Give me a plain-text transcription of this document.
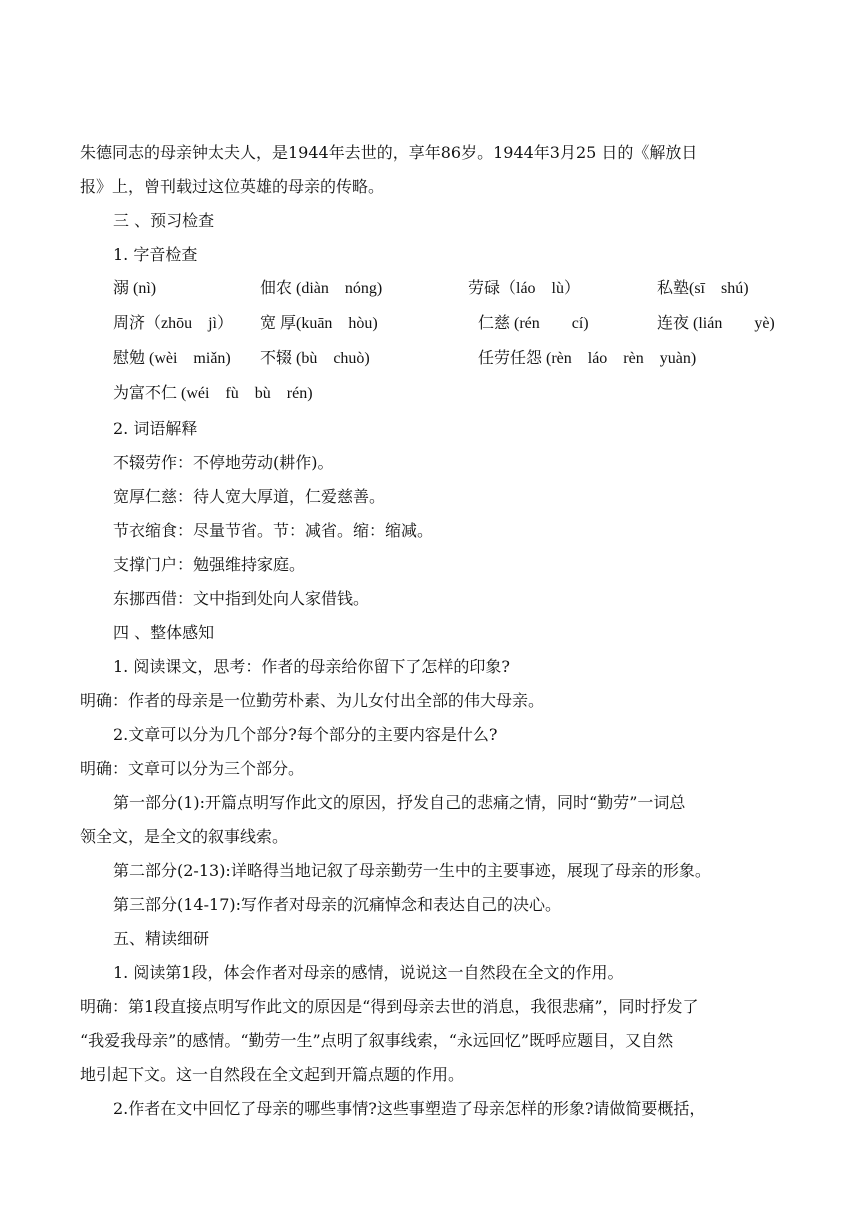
朱德同志的母亲钟太夫人，是1944年去世的，享年86岁。1944年3月25 日的《解放日
报》上，曾刊载过这位英雄的母亲的传略。
三 、预习检查
1. 字音检查
溺 (nì)	佃农 (diàn　nóng)	劳碌（láo　lù）	私塾(sī　shú)
周济（zhōu　jì） 宽 厚(kuān　hòu)	仁慈 (rén　　cí)	连夜 (lián　　yè)
慰勉 (wèi　miǎn) 不辍 (bù　chuò)	任劳任怨 (rèn　láo　rèn　yuàn)
为富不仁 (wéi　fù　bù　rén)
2. 词语解释
不辍劳作：不停地劳动(耕作)。
宽厚仁慈：待人宽大厚道，仁爱慈善。
节衣缩食：尽量节省。节：减省。缩：缩减。
支撑门户：勉强维持家庭。
东挪西借：文中指到处向人家借钱。
四 、整体感知
1. 阅读课文，思考：作者的母亲给你留下了怎样的印象?
明确：作者的母亲是一位勤劳朴素、为儿女付出全部的伟大母亲。
2.文章可以分为几个部分?每个部分的主要内容是什么?
明确：文章可以分为三个部分。
第一部分(1):开篇点明写作此文的原因，抒发自己的悲痛之情，同时“勤劳”一词总
领全文，是全文的叙事线索。
第二部分(2-13):详略得当地记叙了母亲勤劳一生中的主要事迹，展现了母亲的形象。
第三部分(14-17):写作者对母亲的沉痛悼念和表达自己的决心。
五、精读细研
1. 阅读第1段，体会作者对母亲的感情，说说这一自然段在全文的作用。
明确：第1段直接点明写作此文的原因是“得到母亲去世的消息，我很悲痛”，同时抒发了
“我爱我母亲”的感情。“勤劳一生”点明了叙事线索，“永远回忆”既呼应题目，又自然
地引起下文。这一自然段在全文起到开篇点题的作用。
2.作者在文中回忆了母亲的哪些事情?这些事塑造了母亲怎样的形象?请做简要概括，
